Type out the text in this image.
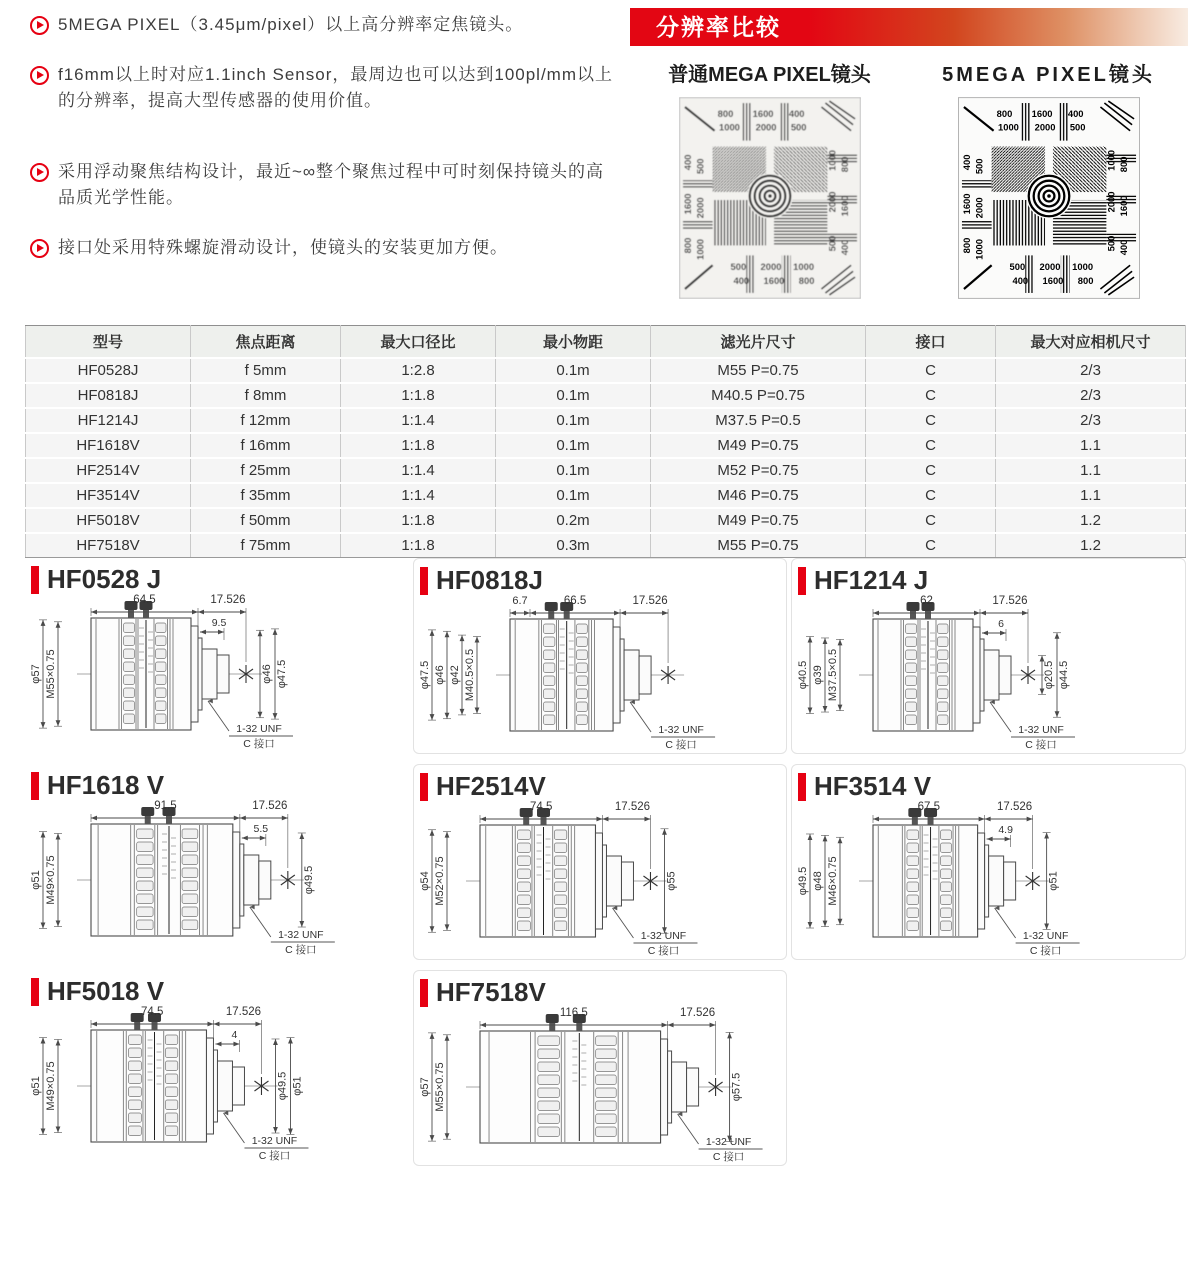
5MEGA PIXEL（3.45μm/pixel）以上高分辨率定焦镜头。

f16mm以上时对应1.1inch Sensor，最周边也可以达到100pl/mm以上的分辨率，提高大型传感器的使用价值。

采用浮动聚焦结构设计，最近~∞整个聚焦过程中可时刻保持镜头的高品质光学性能。

接口处采用特殊螺旋滑动设计，使镜头的安装更加方便。

分辨率比较
普通MEGA PIXEL镜头
800 1600 400
1000 2000 500
500 2000 1000
400 1600 800
400
1600
800
500
2000
1000
1000
2000
500
800
1600
400
5MEGA PIXEL镜头
800 1600 400
1000 2000 500
500 2000 1000
400 1600 800
400
1600
800
500
2000
1000
1000
2000
500
800
1600
400
型号	焦点距离	最大口径比	最小物距	滤光片尺寸	接口	最大对应相机尺寸
HF0528J	f 5mm	1:2.8	0.1m	M55 P=0.75	C	2/3
HF0818J	f 8mm	1:1.8	0.1m	M40.5 P=0.75	C	2/3
HF1214J	f 12mm	1:1.4	0.1m	M37.5 P=0.5	C	2/3
HF1618V	f 16mm	1:1.8	0.1m	M49 P=0.75	C	1.1
HF2514V	f 25mm	1:1.4	0.1m	M52 P=0.75	C	1.1
HF3514V	f 35mm	1:1.4	0.1m	M46 P=0.75	C	1.1
HF5018V	f 50mm	1:1.8	0.2m	M49 P=0.75	C	1.2
HF7518V	f 75mm	1:1.8	0.3m	M55 P=0.75	C	1.2
HF0528 J
64.5	17.526
9.5
φ57 M55×0.75	φ46 φ47.5
1-32 UNF
C 接口
HF0818J
6.7	66.5	17.526
φ47.5 φ46 φ42 M40.5×0.5
1-32 UNF
C 接口
HF1214 J
62	17.526
6
φ40.5 φ39 M37.5×0.5	φ20.5 φ44.5
1-32 UNF
C 接口
HF1618 V
91.5	17.526
5.5
φ51 M49×0.75	φ49.5
1-32 UNF
C 接口
HF2514V
74.5	17.526
φ54 M52×0.75	φ55
1-32 UNF
C 接口
HF3514 V
67.5	17.526
4.9
φ49.5 φ48 M46×0.75	φ51
1-32 UNF
C 接口
HF5018 V
74.5	17.526
4
φ51 M49×0.75	φ49.5 φ51
1-32 UNF
C 接口
HF7518V
116.5	17.526
φ57 M55×0.75	φ57.5
1-32 UNF
C 接口
